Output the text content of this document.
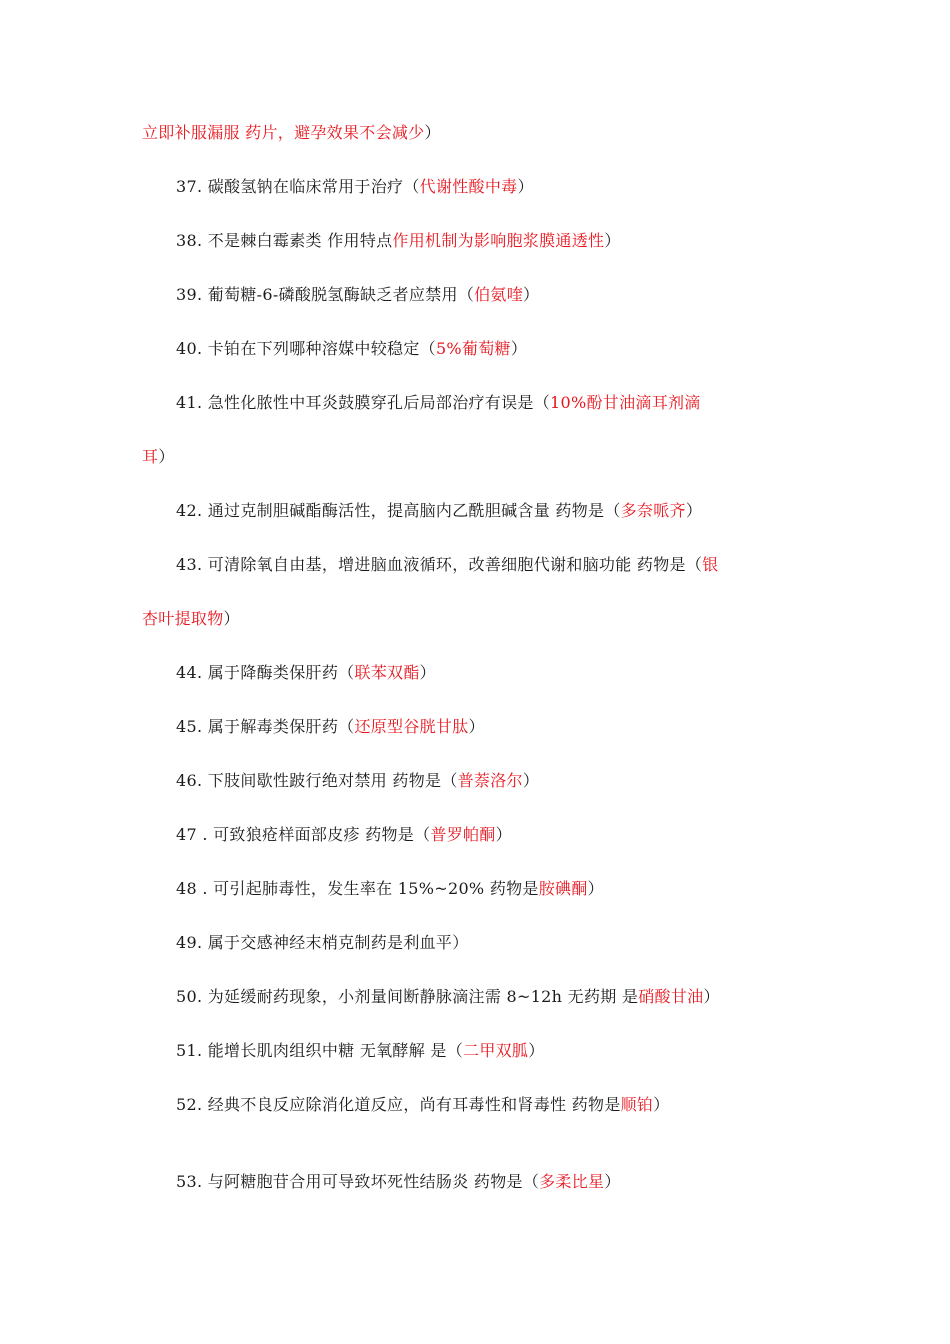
立即补服漏服 药片，避孕效果不会减少）
37. 碳酸氢钠在临床常用于治疗（代谢性酸中毒）
38. 不是棘白霉素类 作用特点作用机制为影响胞浆膜通透性）
39. 葡萄糖-6-磷酸脱氢酶缺乏者应禁用（伯氨喹）
40. 卡铂在下列哪种溶媒中较稳定（5%葡萄糖）
41. 急性化脓性中耳炎鼓膜穿孔后局部治疗有误是（10%酚甘油滴耳剂滴
耳）
42. 通过克制胆碱酯酶活性，提高脑内乙酰胆碱含量 药物是（多奈哌齐）
43. 可清除氧自由基，增进脑血液循环，改善细胞代谢和脑功能 药物是（银
杏叶提取物）
44. 属于降酶类保肝药（联苯双酯）
45. 属于解毒类保肝药（还原型谷胱甘肽）
46. 下肢间歇性跛行绝对禁用 药物是（普萘洛尔）
47 . 可致狼疮样面部皮疹 药物是（普罗帕酮）
48 . 可引起肺毒性，发生率在 15%~20% 药物是胺碘酮）
49. 属于交感神经末梢克制药是利血平）
50. 为延缓耐药现象，小剂量间断静脉滴注需 8~12h 无药期 是硝酸甘油）
51. 能增长肌肉组织中糖 无氧酵解 是（二甲双胍）
52. 经典不良反应除消化道反应，尚有耳毒性和肾毒性 药物是顺铂）
53. 与阿糖胞苷合用可导致坏死性结肠炎 药物是（多柔比星）
